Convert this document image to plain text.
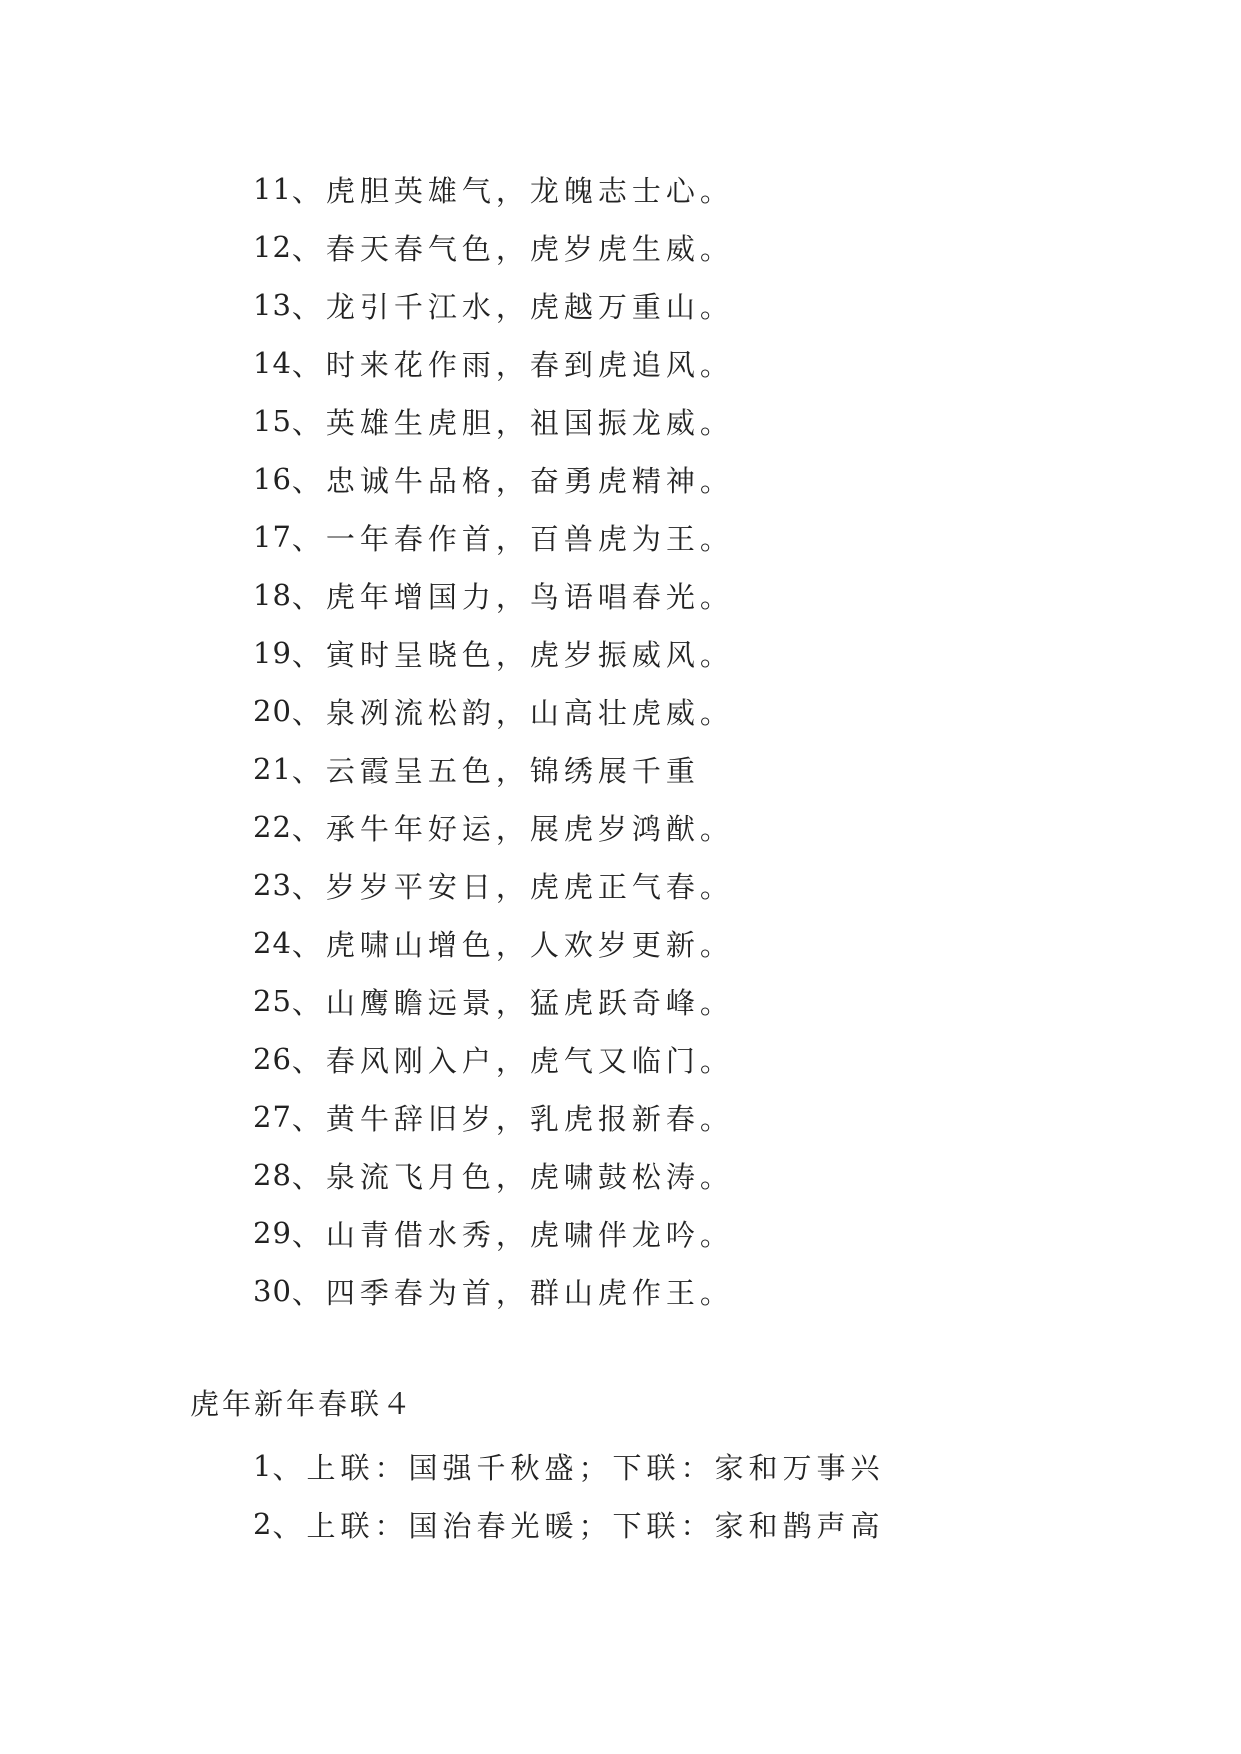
11 、 虎胆英雄气，龙魄志士心。
12 、 春天春气色，虎岁虎生威。
13 、 龙引千江水，虎越万重山。
14 、 时来花作雨，春到虎追风。
15 、 英雄生虎胆，祖国振龙威。
16 、 忠诚牛品格，奋勇虎精神。
17 、 一年春作首，百兽虎为王。
18 、 虎年增国力，鸟语唱春光。
19 、 寅时呈晓色，虎岁振威风。
20 、 泉冽流松韵，山高壮虎威。
21 、 云霞呈五色，锦绣展千重
22 、 承牛年好运，展虎岁鸿猷。
23 、 岁岁平安日，虎虎正气春。
24 、 虎啸山增色，人欢岁更新。
25 、 山鹰瞻远景，猛虎跃奇峰。
26 、 春风刚入户，虎气又临门。
27 、 黄牛辞旧岁，乳虎报新春。
28 、 泉流飞月色，虎啸鼓松涛。
29 、 山青借水秀，虎啸伴龙吟。
30 、 四季春为首，群山虎作王。
虎年新年春联４
1 、 上联：国强千秋盛；下联：家和万事兴
2 、 上联：国治春光暖；下联：家和鹊声高
